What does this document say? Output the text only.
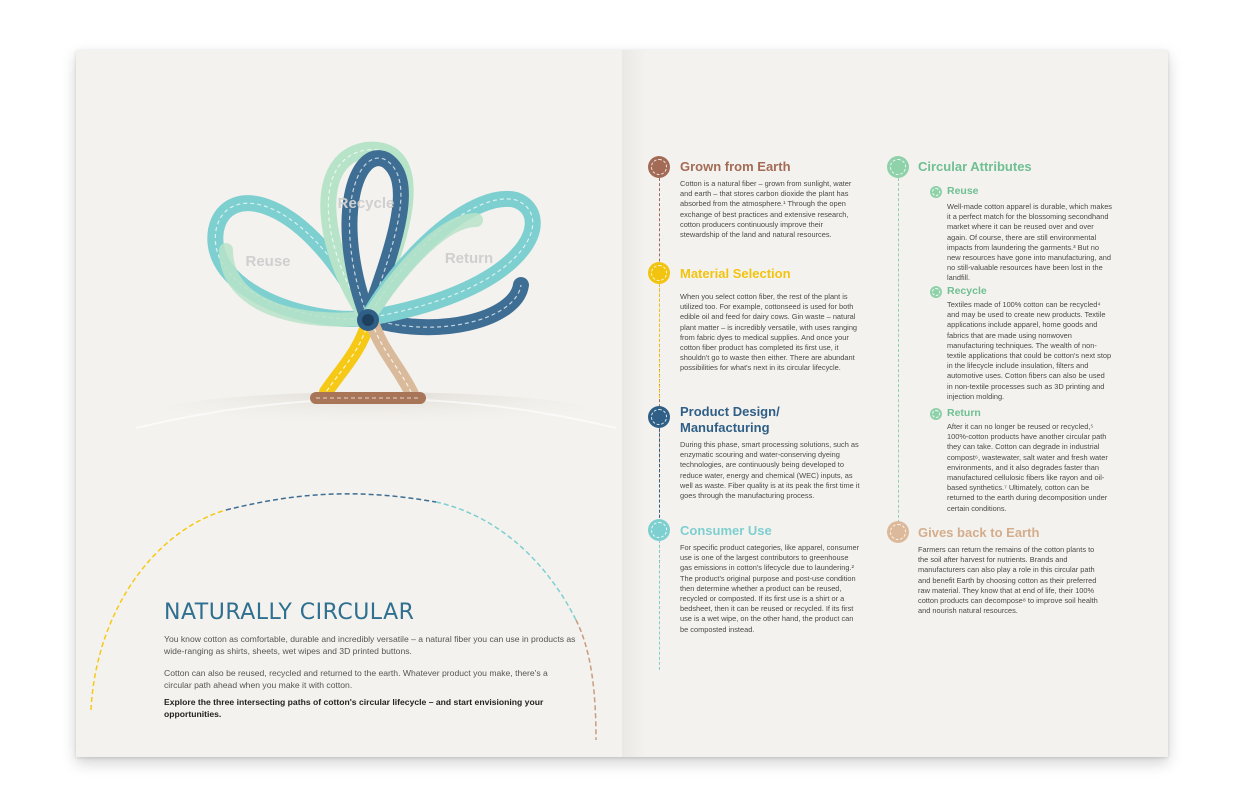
Reuse
Recycle
Return
NATURALLY CIRCULAR

You know cotton as comfortable, durable and incredibly versatile – a natural fiber you can use in products as wide-ranging as shirts, sheets, wet wipes and 3D printed buttons.

Cotton can also be reused, recycled and returned to the earth. Whatever product you make, there's a circular path ahead when you make it with cotton.

Explore the three intersecting paths of cotton's circular lifecycle – and start envisioning your opportunities.

Grown from Earth

Cotton is a natural fiber – grown from sunlight, water and earth – that stores carbon dioxide the plant has absorbed from the atmosphere.¹ Through the open exchange of best practices and extensive research, cotton producers continuously improve their stewardship of the land and natural resources.

Material Selection

When you select cotton fiber, the rest of the plant is utilized too. For example, cottonseed is used for both edible oil and feed for dairy cows. Gin waste – natural plant matter – is incredibly versatile, with uses ranging from fabric dyes to medical supplies. And once your cotton fiber product has completed its first use, it shouldn't go to waste then either. There are abundant possibilities for what's next in its circular lifecycle.

Product Design/

Manufacturing

During this phase, smart processing solutions, such as enzymatic scouring and water-conserving dyeing technologies, are continuously being developed to reduce water, energy and chemical (WEC) inputs, as well as waste. Fiber quality is at its peak the first time it goes through the manufacturing process.

Consumer Use

For specific product categories, like apparel, consumer use is one of the largest contributors to greenhouse gas emissions in cotton's lifecycle due to laundering.² The product's original purpose and post-use condition then determine whether a product can be reused, recycled or composted. If its first use is a shirt or a bedsheet, then it can be reused or recycled. If its first use is a wet wipe, on the other hand, the product can be composted instead.

Circular Attributes

Reuse

Well-made cotton apparel is durable, which makes it a perfect match for the blossoming secondhand market where it can be reused over and over again. Of course, there are still environmental impacts from laundering the garments.³ But no new resources have gone into manufacturing, and no still-valuable resources have been lost in the landfill.

Recycle

Textiles made of 100% cotton can be recycled⁴ and may be used to create new products. Textile applications include apparel, home goods and fabrics that are made using nonwoven manufacturing techniques. The wealth of non-textile applications that could be cotton's next stop in the lifecycle include insulation, filters and automotive uses. Cotton fibers can also be used in non-textile processes such as 3D printing and injection molding.

Return

After it can no longer be reused or recycled,⁵ 100%-cotton products have another circular path they can take. Cotton can degrade in industrial compost⁶, wastewater, salt water and fresh water environments, and it also degrades faster than manufactured cellulosic fibers like rayon and oil-based synthetics.⁷ Ultimately, cotton can be returned to the earth during decomposition under certain conditions.

Gives back to Earth

Farmers can return the remains of the cotton plants to the soil after harvest for nutrients. Brands and manufacturers can also play a role in this circular path and benefit Earth by choosing cotton as their preferred raw material. They know that at end of life, their 100% cotton products can decompose⁸ to improve soil health and nourish natural resources.
